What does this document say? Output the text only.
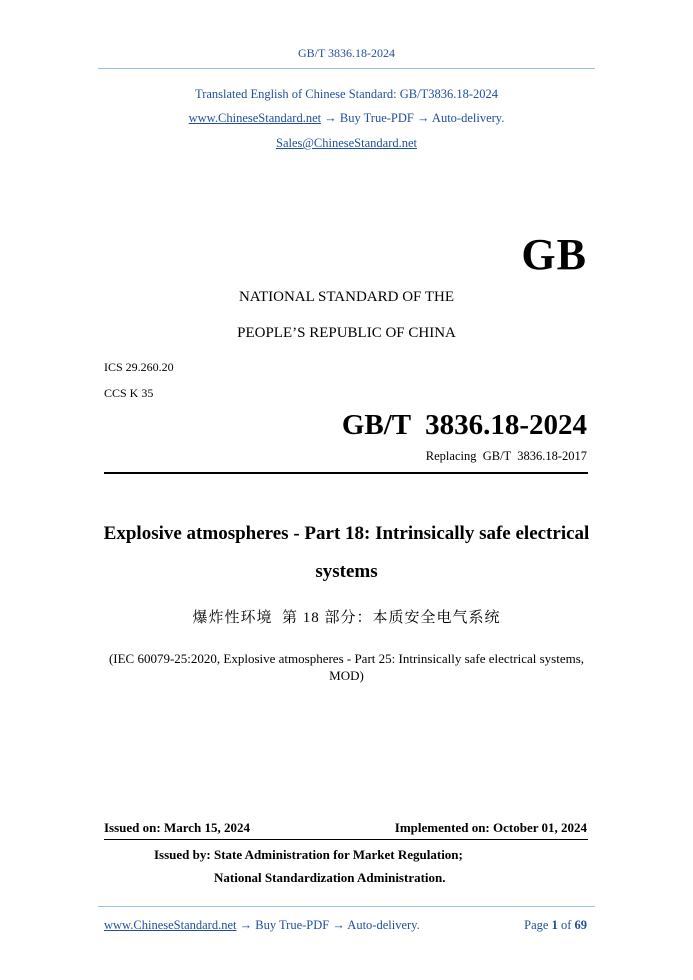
GB/T 3836.18-2024
Translated English of Chinese Standard: GB/T3836.18-2024
www.ChineseStandard.net → Buy True-PDF → Auto-delivery.
Sales@ChineseStandard.net
GB
NATIONAL STANDARD OF THE
PEOPLE’S REPUBLIC OF CHINA
ICS 29.260.20
CCS K 35
GB/T  3836.18-2024
Replacing  GB/T  3836.18-2017
Explosive atmospheres - Part 18: Intrinsically safe electrical systems
爆炸性环境  第 18 部分：本质安全电气系统
(IEC 60079-25:2020, Explosive atmospheres - Part 25: Intrinsically safe electrical systems, MOD)
Issued on: March 15, 2024	Implemented on: October 01, 2024
Issued by: State Administration for Market Regulation;
National Standardization Administration.
www.ChineseStandard.net → Buy True-PDF → Auto-delivery.	Page 1 of 69
